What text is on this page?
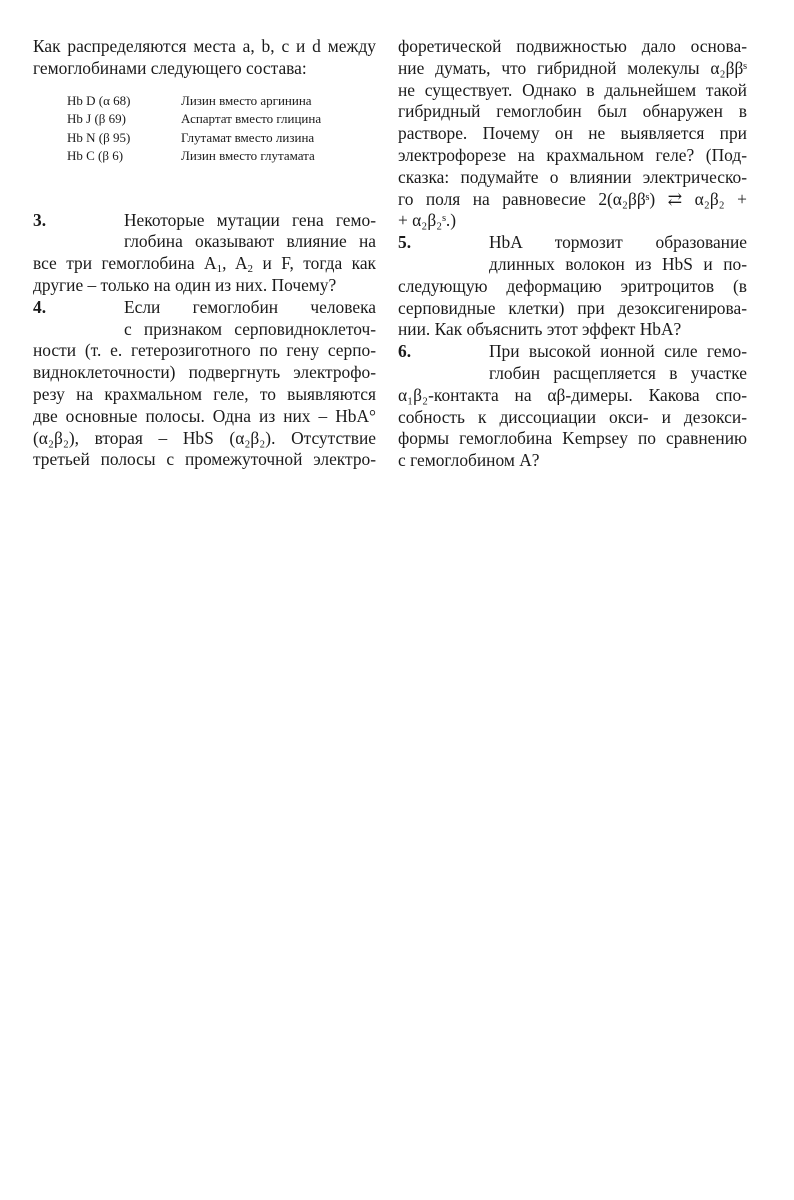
Как распределяются места a, b, c и d между
гемоглобинами следующего состава:
Hb D (α 68)	Лизин вместо аргинина
Hb J (β 69)	Аспартат вместо глицина
Hb N (β 95)	Глутамат вместо лизина
Hb C (β 6)	Лизин вместо глутамата
3.	Некоторые мутации гена гемо-
глобина оказывают влияние на
все три гемоглобина $A_1$, $A_2$ и F, тогда как
другие – только на один из них. Почему?
4.	Если гемоглобин человека
с признаком серповидноклеточ-
ности (т. е. гетерозиготного по гену серпо-
видноклеточности) подвергнуть электрофо-
резу на крахмальном геле, то выявляются
две основные полосы. Одна из них – HbA°
(α₂β₂), вторая – HbS (α₂β₂). Отсутствие
третьей полосы с промежуточной электро-
форетической подвижностью дало основа-
ние думать, что гибридной молекулы α₂ββˢ
не существует. Однако в дальнейшем такой
гибридный гемоглобин был обнаружен в
растворе. Почему он не выявляется при
электрофорезе на крахмальном геле? (Под-
сказка: подумайте о влиянии электрическо-
го поля на равновесие 2(α₂ββˢ) ⇄ α₂β₂ +
+ α₂β₂ˢ.)
5.	HbA тормозит образование
длинных волокон из HbS и по-
следующую деформацию эритроцитов (в
серповидные клетки) при дезоксигенирова-
нии. Как объяснить этот эффект HbA?
6.	При высокой ионной силе гемо-
глобин расщепляется в участке
α₁β₂-контакта на αβ-димеры. Какова спо-
собность к диссоциации окси- и дезокси-
формы гемоглобина Kempsey по сравнению
с гемоглобином A?
